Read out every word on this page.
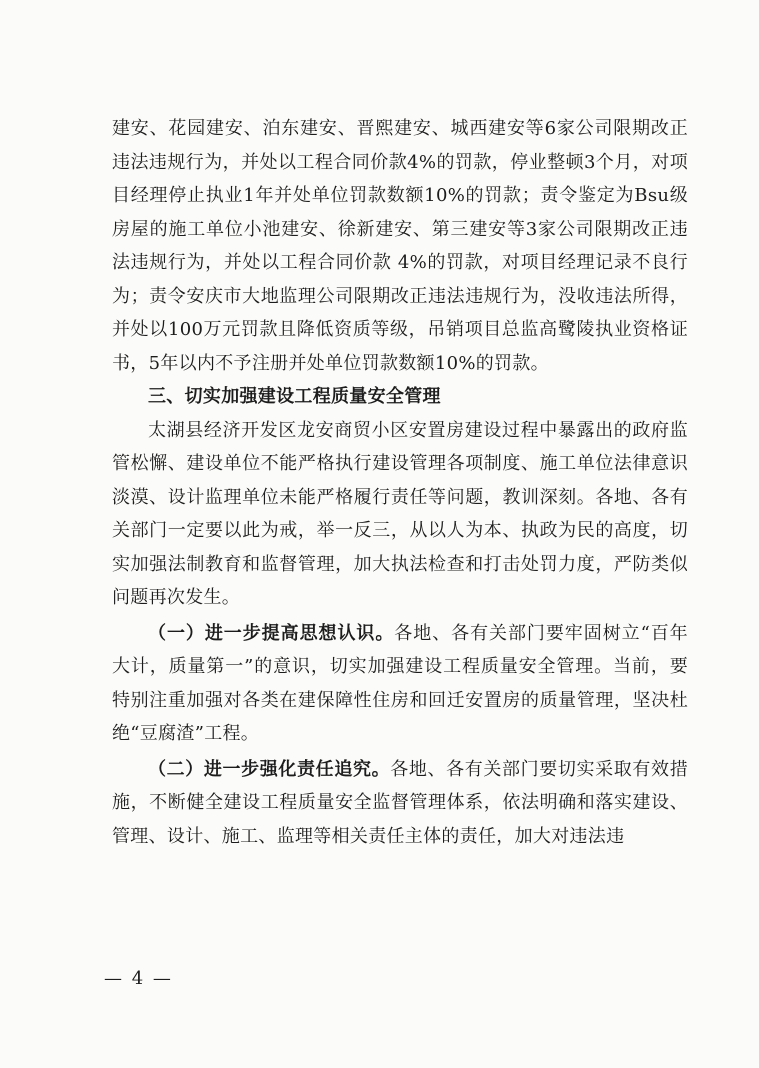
建安、花园建安、泊东建安、晋熙建安、城西建安等6家公司限期改正违法违规行为，并处以工程合同价款4%的罚款，停业整顿3个月，对项目经理停止执业1年并处单位罚款数额10%的罚款；责令鉴定为Bsu级房屋的施工单位小池建安、徐新建安、第三建安等3家公司限期改正违法违规行为，并处以工程合同价款 4%的罚款，对项目经理记录不良行为；责令安庆市大地监理公司限期改正违法违规行为，没收违法所得，并处以100万元罚款且降低资质等级，吊销项目总监高鹭陵执业资格证书，5年以内不予注册并处单位罚款数额10%的罚款。

三、切实加强建设工程质量安全管理

太湖县经济开发区龙安商贸小区安置房建设过程中暴露出的政府监管松懈、建设单位不能严格执行建设管理各项制度、施工单位法律意识淡漠、设计监理单位未能严格履行责任等问题，教训深刻。各地、各有关部门一定要以此为戒，举一反三，从以人为本、执政为民的高度，切实加强法制教育和监督管理，加大执法检查和打击处罚力度，严防类似问题再次发生。

（一）进一步提高思想认识。各地、各有关部门要牢固树立“百年大计，质量第一”的意识，切实加强建设工程质量安全管理。当前，要特别注重加强对各类在建保障性住房和回迁安置房的质量管理，坚决杜绝“豆腐渣”工程。

（二）进一步强化责任追究。各地、各有关部门要切实采取有效措施，不断健全建设工程质量安全监督管理体系，依法明确和落实建设、管理、设计、施工、监理等相关责任主体的责任，加大对违法违

— 4 —
